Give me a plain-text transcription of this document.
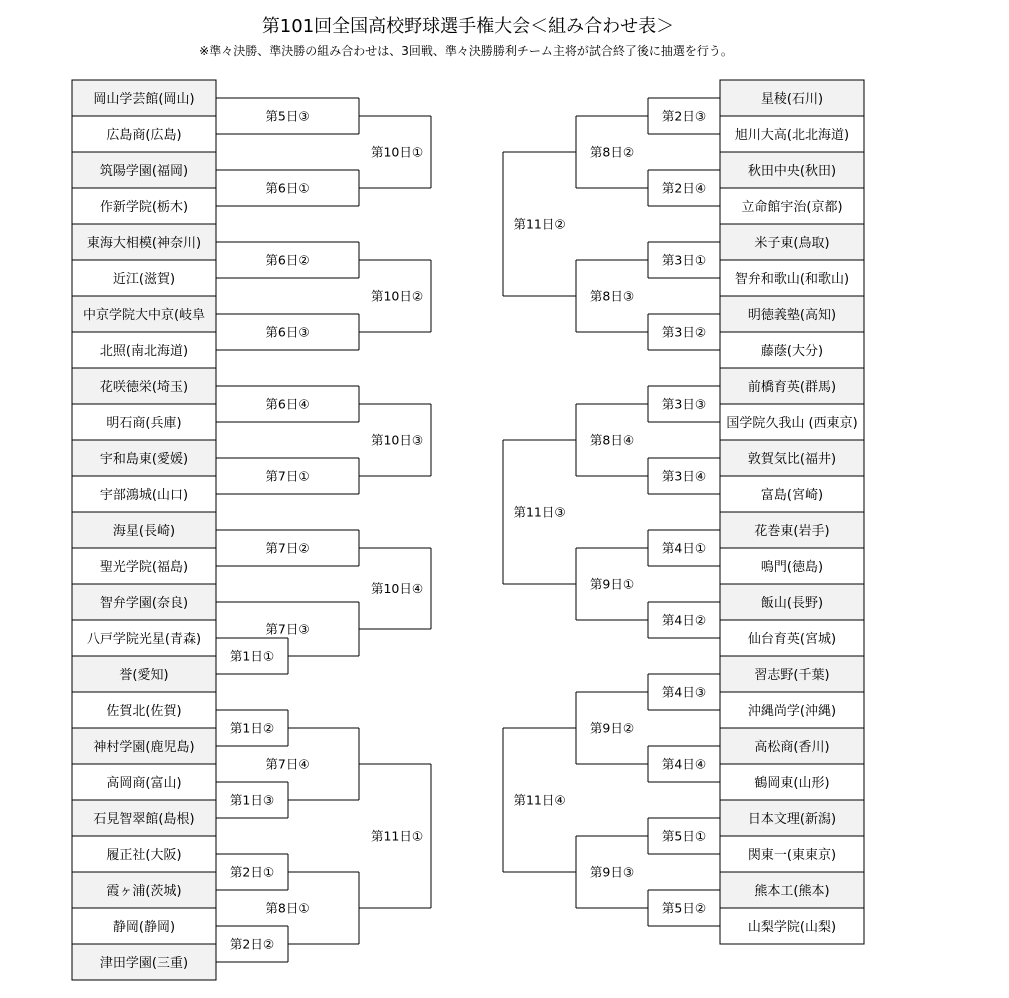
第101回全国高校野球選手権大会＜組み合わせ表＞
※準々決勝、準決勝の組み合わせは、3回戦、準々決勝勝利チーム主将が試合終了後に抽選を行う。
岡山学芸館(岡山)
広島商(広島)
筑陽学園(福岡)
作新学院(栃木)
東海大相模(神奈川)
近江(滋賀)
中京学院大中京(岐阜
北照(南北海道)
花咲徳栄(埼玉)
明石商(兵庫)
宇和島東(愛媛)
宇部鴻城(山口)
海星(長崎)
聖光学院(福島)
智弁学園(奈良)
八戸学院光星(青森)
誉(愛知)
佐賀北(佐賀)
神村学園(鹿児島)
高岡商(富山)
石見智翠館(島根)
履正社(大阪)
霞ヶ浦(茨城)
静岡(静岡)
津田学園(三重)
星稜(石川)
旭川大高(北北海道)
秋田中央(秋田)
立命館宇治(京都)
米子東(鳥取)
智弁和歌山(和歌山)
明徳義塾(高知)
藤蔭(大分)
前橋育英(群馬)
国学院久我山 (西東京)
敦賀気比(福井)
富島(宮崎)
花巻東(岩手)
鳴門(徳島)
飯山(長野)
仙台育英(宮城)
習志野(千葉)
沖縄尚学(沖縄)
高松商(香川)
鶴岡東(山形)
日本文理(新潟)
関東一(東東京)
熊本工(熊本)
山梨学院(山梨)
第1日①
第1日②
第1日③
第2日①
第2日②
第5日③
第6日①
第6日②
第6日③
第6日④
第7日①
第7日②
第7日③
第7日④
第8日①
第10日①
第10日②
第10日③
第10日④
第11日①
第2日③
第2日④
第3日①
第3日②
第3日③
第3日④
第4日①
第4日②
第4日③
第4日④
第5日①
第5日②
第8日②
第8日③
第8日④
第9日①
第9日②
第9日③
第11日②
第11日③
第11日④
